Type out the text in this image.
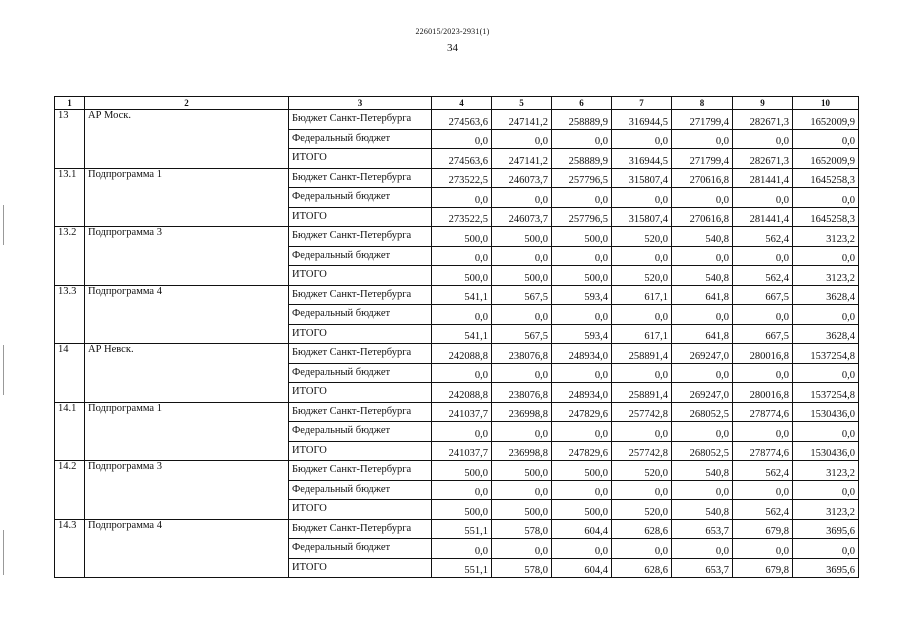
226015/2023-2931(1)
34
1	2	3	4	5	6	7	8	9	10
13	АР Моск.	Бюджет Санкт-Петербурга	274563,6	247141,2	258889,9	316944,5	271799,4	282671,3	1652009,9
		Федеральный бюджет	0,0	0,0	0,0	0,0	0,0	0,0	0,0
		ИТОГО	274563,6	247141,2	258889,9	316944,5	271799,4	282671,3	1652009,9
13.1	Подпрограмма 1	Бюджет Санкт-Петербурга	273522,5	246073,7	257796,5	315807,4	270616,8	281441,4	1645258,3
		Федеральный бюджет	0,0	0,0	0,0	0,0	0,0	0,0	0,0
		ИТОГО	273522,5	246073,7	257796,5	315807,4	270616,8	281441,4	1645258,3
13.2	Подпрограмма 3	Бюджет Санкт-Петербурга	500,0	500,0	500,0	520,0	540,8	562,4	3123,2
		Федеральный бюджет	0,0	0,0	0,0	0,0	0,0	0,0	0,0
		ИТОГО	500,0	500,0	500,0	520,0	540,8	562,4	3123,2
13.3	Подпрограмма 4	Бюджет Санкт-Петербурга	541,1	567,5	593,4	617,1	641,8	667,5	3628,4
		Федеральный бюджет	0,0	0,0	0,0	0,0	0,0	0,0	0,0
		ИТОГО	541,1	567,5	593,4	617,1	641,8	667,5	3628,4
14	АР Невск.	Бюджет Санкт-Петербурга	242088,8	238076,8	248934,0	258891,4	269247,0	280016,8	1537254,8
		Федеральный бюджет	0,0	0,0	0,0	0,0	0,0	0,0	0,0
		ИТОГО	242088,8	238076,8	248934,0	258891,4	269247,0	280016,8	1537254,8
14.1	Подпрограмма 1	Бюджет Санкт-Петербурга	241037,7	236998,8	247829,6	257742,8	268052,5	278774,6	1530436,0
		Федеральный бюджет	0,0	0,0	0,0	0,0	0,0	0,0	0,0
		ИТОГО	241037,7	236998,8	247829,6	257742,8	268052,5	278774,6	1530436,0
14.2	Подпрограмма 3	Бюджет Санкт-Петербурга	500,0	500,0	500,0	520,0	540,8	562,4	3123,2
		Федеральный бюджет	0,0	0,0	0,0	0,0	0,0	0,0	0,0
		ИТОГО	500,0	500,0	500,0	520,0	540,8	562,4	3123,2
14.3	Подпрограмма 4	Бюджет Санкт-Петербурга	551,1	578,0	604,4	628,6	653,7	679,8	3695,6
		Федеральный бюджет	0,0	0,0	0,0	0,0	0,0	0,0	0,0
		ИТОГО	551,1	578,0	604,4	628,6	653,7	679,8	3695,6
